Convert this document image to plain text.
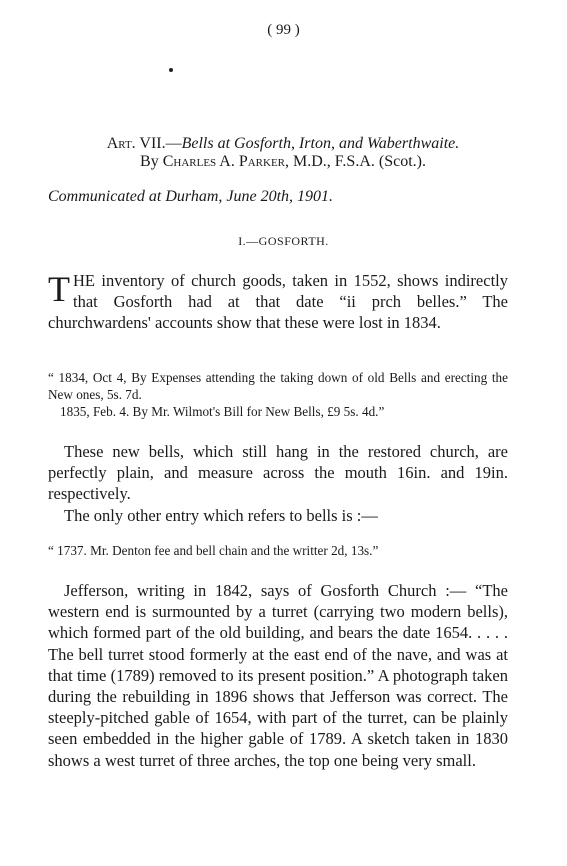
( 99 )
Art. VII.—Bells at Gosforth, Irton, and Waberthwaite.
By Charles A. Parker, M.D., F.S.A. (Scot.).
Communicated at Durham, June 20th, 1901.
I.—GOSFORTH.
THE inventory of church goods, taken in 1552, shows indirectly that Gosforth had at that date “ii prch belles.” The churchwardens' accounts show that these were lost in 1834.
“ 1834, Oct 4, By Expenses attending the taking down of old Bells and erecting the New ones, 5s. 7d.
1835, Feb. 4. By Mr. Wilmot's Bill for New Bells, £9 5s. 4d.”
These new bells, which still hang in the restored church, are perfectly plain, and measure across the mouth 16in. and 19in. respectively.
The only other entry which refers to bells is :—
“ 1737. Mr. Denton fee and bell chain and the writter 2d, 13s.”
Jefferson, writing in 1842, says of Gosforth Church :— “The western end is surmounted by a turret (carrying two modern bells), which formed part of the old building, and bears the date 1654. . . . . The bell turret stood formerly at the east end of the nave, and was at that time (1789) removed to its present position.” A photograph taken during the rebuilding in 1896 shows that Jefferson was correct. The steeply-pitched gable of 1654, with part of the turret, can be plainly seen embedded in the higher gable of 1789. A sketch taken in 1830 shows a west turret of three arches, the top one being very small.
